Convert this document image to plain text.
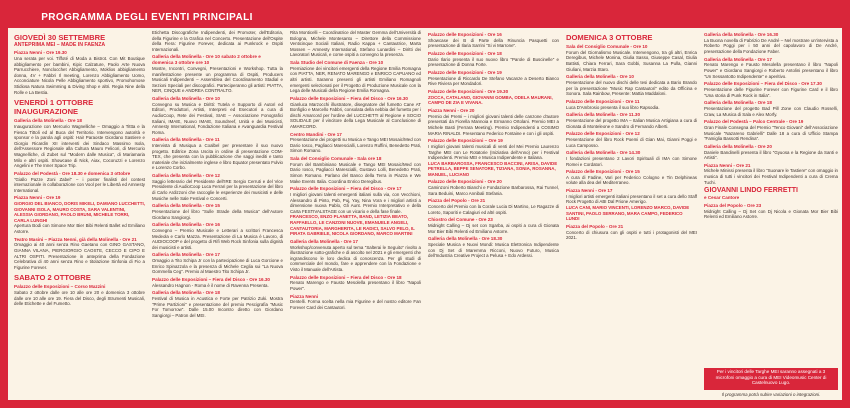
PROGRAMMA DEGLI EVENTI PRINCIPALI
GIOVEDÌ 30 SETTEMBRE
ANTEPRIMA MEI – MADE IN FAENZA
Piazza Nenni - Ore 19.30
Una serata per voi. Tiffoté di Moda a Bistrot. Con Mit Boutique abbigliamento per bambini, Kipic Calzature, Paolo Arte Nuova Parrucchiere, Nonclocchet Abbigliamento, Moklios abbigliamento donna, 4V + Fabbri Il meeting, Lorenzo Abbigliamento Uomo, Acconciature Nicola Pelle Abbigliamento sportivo, Promohomose Stidiosa Natura Swimming & Diving Shop e altri. Regia Nine della Rolle e La Bestia.
VENERDÌ 1 OTTOBRE INAUGURAZIONE
Galleria della Molinella - Ore 18
Inaugurazione con Mercurio Wagnelliche – Omaggio a Tittta e la Fiesca Tittoli ed al Buca del Territorio. Intervengono autorità e sponsor e la parola agli ospiti: Hair Paraoste Giordano Sastiere e Giorgio Ricardin XII interventi dei Sindaco Massimo Isola, dell'Assessore Regionale alla Cultura Mauro Felicori, di Mercurio Wagnelliche, di Zubet sul "Modern dalle Musica", di Mariamaria Milo e altri ospiti. Showcase di Nick, Aiax, Cocoruzzi e Lorenzo Angelini e The Inner Space Trip.
Palazzo del Podestà - Ore 18.30 e domenica 3 ottobre
"Giallo Pazze Zoni Zabel" – i poster finalisti del contest internazionale in collaborazione con Vool per le Libertà ed Amnesty International.
Piazza Nenni - Ore 19
GIORGIO DEL BIANCO, DORIS MIKELI, DAMIANO LUCCHETTI, GIOVANNI ISOLA, MAURO COSTA, SARA VALENTINI, ALESSIA GIORDANO, PAOLO BRUNI, MICHELE TORRI, CARLA LUNGHI
Apertura Bodi con Simone Mor Bier Bibi Relenti Ballet ed Emiliano Astorre.
Teatro Masini – Piazza Nenni, già della Molinella - Ore 21
Omaggio ai 40 anni senza Rino Gaetano con GINO GASTANO, GIANNA VILANA, PIERGIORGIO CAOSTE, CECCO E CIPO E ALTRI OSPITI. Presentazione in anteprima della Fondazione Celebrativa di 40 anni senza Rino e titolazione Sinfonia di Fio a Figurine Forever.
SABATO 2 OTTOBRE
Palazzo delle Esposizioni – Corso Mazzini
Sabato 2 ottobre dalle ore 10 alle ore 20 e domenica 3 ottobre dalle ore 10 alle ore 19. Fiera del Disco, degli Strumenti Musicali, delle Etichette e del Fumetto.
Etichetta Discografiche Indipendenti, dei Promoter, dell'Editoria, della Figurine e la Grafica nel Concerto. Presentazione dell'Ospite della Fiera: Figurine Forever, dedicata ai Punkrock e Ospiti Internazionali.
Galleria della Molinella - Ore 10 sabato 2 ottobre e domenica 3 ottobre ore 10
Mostre, Incontri, Convegni, Presentazioni e Workshop. Tutta la manifestazione presente un programma di Ospiti, Producers Musicali Indipendenti – Assemblea del Coordinamento Stadial e Sezioni Speciali per discografici. Parteciperanno gli artisti: PIATTA, NER, CINQUE e ANDREA CONTRALTO.
Galleria della Molinella - Ore 10
Convegno su Musica e Diritti: Tutela e Supporto di Autori ed Editori, Produttori, Artisti, Interpreti ed Esecutori a cura di AudioCoop, Rete dei Festival, SIAE – Associazione Fonografici Italiani, IMAIE, Nuovo IMAIE, Soundreef, Unità e dei Musicisti, Amnesty International, Fondazione Italiana e Avanguardia Festival Roma.
Galleria della Molinella - Ore 11
Intervista di Musiqua a Coalbel per presentare il suo nuovo progetto. Editrice Zona Uscita in ordine di presentazione COM-TEX, che presenta con la pubblicazione che saggi inediti e tanto materiale che inizialmente inglese e libro Equator presentato Fulvio e Lorenzo Corbo.
Galleria della Molinella - Ore 12
Saggio letterario del Presidente dell'IRE Sergio Cerruti e del Vice Presidente di AudioCoop Luca Ferrari per la presentazione del libro di Carlo Ardizzoni che raccoglie le esperienze dei musicisti e delle Musiche nelle Sale Festival e Concerti.
Galleria della Molinella - Ore 15
Presentazione del libro "Sulle Strade della Musica" dell'Autore Giordano Sangiorgi.
Galleria della Molinella - Ore 16
Convegno – Premio Musicale e Letterari a scrittori Francesca Medeola e Carlo Mazza. Presentazione di La Musica è Lavoro, di AUDIOCOOP e del progetto di Rifi Web Rock Sinfonia sulla dignità dei musicisti e artisti.
Galleria della Molinella - Ore 17
Omaggio a Tito Schipa Jr con la partecipazione di Luca Gorcione e Enrico Spinazzola e la presenza di Michele Ceglia sui "La Nuova Gommella Ceg". Premio al Maestro Tito Schipa Jr.
Palazzo delle Esposizioni – Fiera del Disco - Ore 16.30
Alessandro Hagnon - Roma è il nome di Ravenna Presenta.
Galleria della Molinella - Ore 18
Festival di Musica in Acustica e Forte per Patrizio Zuki. Mostra "Prime Partizioni" e presentazione del premio Pescigrafia "Music For Tomorrow". Dalle 15.00 Incontro diretto con Giordano Sangiorgi – Patron del MEI.
Rita Monticelli – Coordinatrice del Master Gemma dell'Università di Bologna, Michele Montesanto – Direttore della Commissione Venticinque Sociali Italiani, Radio Kappa + Cantautrice, Marta Mossen – Amnesty International, Stefano Lunardini – Diritti dei Lavoratori Musicali, e come ospiti a convegno la presenza.
Sala Studio del Comune di Faenza - Ore 10
Premiazione dei vincitori emergenti della Regione Emilia Romagna con PIATTA, NER, RENATO MARENGO e ENRICO CAPUANO ed altri artisti. Saranno presenti gli artisti Emiliano Romagnoli emergenti selezionati per il Progetto di Produzione Musicale con la Lega delle Musicali della Regione Emilia Romagna.
Palazzo delle Esposizioni – Fiera del Disco - Ore 16.30
Gianluca Marzocchi illustratore, disegnatore del fumetto Cane AT Bonfiglio e Marcello Fabbri, consolata della nebbia del fumetto per i dischi Amarcord per l'ordine del LUCCHETTI al Regione e SOCIO SOLIDALE per il vincitore della Lega Musicale al Conclusione di AMARCORD.
Centro Mandini - Ore 17
Presentazione dei progetti su Musica e Tango MEI Mosaic/Med con Dario Iosco, Pagliacci Marescialli, Lorenzo Ruffini, Benedetto Prati, Simon Romano.
Sala del Consiglio Comunale - Sala ore 18
Forum del Bambiniano Musicale e Tango MEI Mosaic/Med con Dario Iosco, Pagliacci Marescialli, Gustavo Lolli, Benedetto Prati, Simon Romano. Parlano del Banco della Terra in Piazza e We Make Events Italia. Coordina Enrico Deregibus.
Palazzo delle Esposizioni – Fiera del Disco - Ore 17
I migliori giovani talenti emergenti italiani sulla via, con Vecchioni, Alessandro di Pinto, Pab, Puj, Yay, Nina Vora e i migliori artisti a dimensione nuova Pablo, Gli Aunt. Premio Interpretativo e della Carta FESTIVALSTAGE con un vicario e della fase finale.
FRANCESCO, ENZO PLANETTA, BAND, LETIZIA BEATO, RAFFAELLO, LE CANZONI NUOVE, EMANUELE ANGELI, CANTAUTORIA, MARGHERITA, LE RADICI, SALVO PELO, IL PIRATA GABRIELE, NICOLA GIORDANO, MARCO MARTINI
Galleria della Molinella - Ore 17
Workshop/convenuta aperto sul tema "Salterai le Seguito" rivolto a illustrazione sotto-grafiche e di ascolto nel 2021 e gli emergenti che ingrandiscono le loro dedica di conoscenza. Per gli studi di commerciale del mondo, fare e apprendere con la Fondazione e Visto il Manuale dell'Artista.
Palazzo delle Esposizioni – Fiera del Disco - Ore 18
Renato Marengo e Fausto Mesolella presentano il libro "Napoli Power".
Piazza Nenni
Dentelli. Forma scelta nella mia Figurine e del nostro editore Fan Forever Card dei Cantautori.
Palazzo delle Esposizioni - Ore 16
Showcase dei B di Parte della Rinuncia Pasquetti con presentazione di Ilaria Sarrini "Si vi Marrone".
Palazzo delle Esposizioni - Ore 18
Dario Ilario presenta il suo nuovo libro "Parole di Buscinelle" e presentazione di Donna Forte.
Palazzo delle Esposizioni - Ore 19
Presentazione di Riccardo De Stefano Vacanze a Deserto Bianco Rive Riviera per Mondadori.
Palazzo delle Esposizioni - Ore 19.30
ZOCCA, CATALANO, GIOVANNI GOMBA, ODELA MAURANI, CAMPO DE ZIA E VIVANA.
Piazza Nenni - Ore 20
Premio dei Premi – i migliori giovani talenti delle canzone d'autore presentati da Fiorella Mannoia e Ermanno Ortolani. Premio MEI a Michele Basti (Ferrara Meeting). Premio Indipendenti a COSIMO MARIA RINALDI. Presentano Federico Fontaine e con i gli ospiti.
Palazzo delle Esposizioni – Ore 19
I migliori giovani talenti musicali di venti del Mei Premio Laurenzo Targhe MEI con Le Rotatorie (Iniziativa dell'Anno) per i Festival Indipendenti. Premio MEI e Musica Indipendente e Italiana.
LUCA BARBAROSSA, FRANCESCO BACCINI, ARISA, DAVIDE PETRELLA, BEPPE SENATORE, TIZIANA, SONIA, ROSANNA, MANUEL, LUCIANO
Palazzo delle Esposizioni - Ore 20
Caminzoni Roberto Bianchi e Fondazione Barbarossa, Rai Tunnel, Sara Beduini, Marco Annibali Stefania.
Piazza del Popolo - Ore 21
Concerto del Premio con la Corale Lucia Di Martino, Le Ragazze di Loreto, Saporiti e Calagiuri ed altri ospiti.
Chiostro del Comune - Ore 23
Midnight Calling – Dj set con Sgarba, ai ospiti a cura di Gionata Mor Bier Bibi Relenti ed Emiliano Astorre.
Galleria della Molinella - Ore 18.30
Speciale Musica e Nuovi Mondi: Musica Elettronica Indipendente con Dj Set di Maremma Ricconi, Nuovo Futuro, Musica dell'Industria Creative Project a Pelusa + Edo Ardessi.
DOMENICA 3 OTTOBRE
Sala del Consiglio Comunale - Ore 10
Forum del Giornalismo Musicale. Intervengono, tra gli altri, Enrica Deregibus, Michele Monina, Giulia Sasso, Giuseppe Casal, Giulia Battisti, Chiara Ferrari, Sara Gobbi, Susanna La Pulla, Gianni Giuliani, Marzia Staro.
Galleria della Molinella - Ore 10
Presentazione del nuovo dischi delle tesi dedicata a Bario Brando per la presentazione "Music Rap Cantautori" edito da Officina e Sonora. Sala Rainbow, Presente: Mattia Maddaloni.
Palazzo delle Esposizioni - Ore 11
Luca D'Ambrosio presenta il suo libro Rapsodia.
Galleria della Molinella - Ore 11.30
Presentazione del progetto IMA – Italian Musica Artigiana a cura di Gionata di Monteleone e Sandro di Fernando Alberti.
Palazzo delle Esposizioni - Ore 12
Presentazione del libro Rock Poemi di Gian Mai, Gianni Poggi e Luca Camposso.
Galleria della Molinella - Ore 14.30
I fondazioni presentano 2 Lavori Spirituali di IMA con Simone Romei e Cordatori.
Palazzo delle Esposizioni - Ore 15
A cura di Fadine, Vari per Federico Cologno e Tin Delphineas volute alla dea del Mediterraneo.
Piazza Nenni - Ore 17
I migliori artisti emergenti italiani presentano il set a cura dello Staff Rock Progetto di ABI Dal Prione Amerigo.
LUCA CANI, MARIO VINCENTI, LORENZO MARCO, DAVIDE SANTINI, PAOLO SERRANO, MARA CAMPO, FEDERICO LUNDI
Piazza del Popolo - Ore 21
Concerto di chiusura con gli ospiti e tutti i protagonisti del MEI 2021.
Galleria della Molinella - Ore 16.30
La Buona novella di Fabrizio De André – Nel mostrare un'intervista a Roberto Poggi per i 50 anni del capolavoro di De André, presentazione della Fondazione Faber.
Galleria della Molinella - Ore 17
Renato Marengo e Fausto Mesolella presentano il libro "Napoli Power" e Giordano Sangiorgi e Roberto Antolini presentano il libro "Un Sessantotto Indipendente" e aperitivo.
Palazzo delle Esposizioni – Fiera del Disco - Ore 17.30
Presentazione delle Figurine Forever con Figurine Card e il libro "Una storia di Punk Rock in Italia".
Galleria della Molinella - Ore 18
Presentazione del progetto Bad Pill Zone con Claudio Rosselli, Craw, La Musica di Sala e Alex Morfy.
Palazzo del Podestà – Palco Centrale - Ore 19
Gran Finale Consegna del Premio "Tenco Giovani" dell'Associazione Musicale "Nazareno Gabrielli" Dalle 18 a cura di Ufficio Stampa "Famiglia Bassotti Rendina".
Galleria della Molinella - Ore 20
Daniele Bandinelli presenta il libro "Gyuosa e la Regione da Santi e Artisti".
Piazza Nenni - Ore 21
Michele Minissi presenta il libro "Suonare le Tastiere" con omaggio in musica di tutti i vincitori dei Festival Indipendenti a cura di Crema Tuchi.
GIOVANNI LINDO FERRETTI
e Cesar Cantore
Piazza del Popolo - Ore 23
Midnight Calling – Dj Set con Dj Nicola e Gionata Mor Bier Bibi Relenti ed Emiliano Astorre.
Per i vincitori delle Targhe MEI saranno assegnati a 3 microfoni omaggio a cura di MEI Videomusic Center di Castelnuovo Lugo.
Il programma potrà subire variazioni o integrazioni.
